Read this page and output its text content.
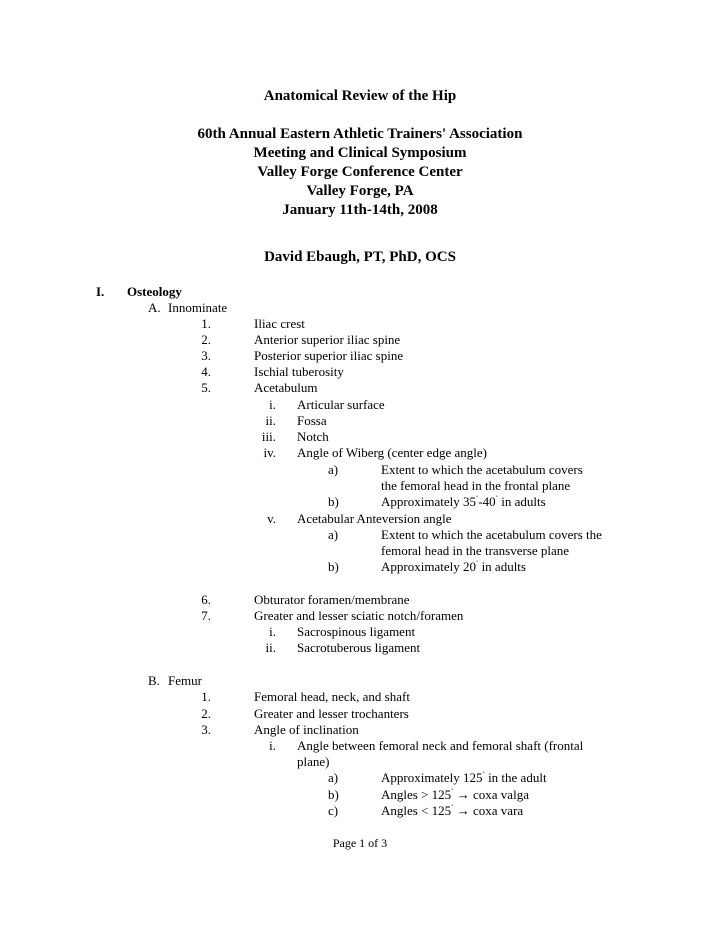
Anatomical Review of the Hip
60th Annual Eastern Athletic Trainers' Association
Meeting and Clinical Symposium
Valley Forge Conference Center
Valley Forge, PA
January 11th-14th, 2008
David Ebaugh, PT, PhD, OCS
I. Osteology
A. Innominate
1.	Iliac crest
2.	Anterior superior iliac spine
3.	Posterior superior iliac spine
4.	Ischial tuberosity
5.	Acetabulum
i. Articular surface
ii. Fossa
iii. Notch
iv. Angle of Wiberg (center edge angle)
a)	Extent to which the acetabulum covers
the femoral head in the frontal plane
b)	Approximately 35˚-40˚ in adults
v. Acetabular Anteversion angle
a)	Extent to which the acetabulum covers the
femoral head in the transverse plane
b)	Approximately 20˚ in adults
6.	Obturator foramen/membrane
7.	Greater and lesser sciatic notch/foramen
i. Sacrospinous ligament
ii. Sacrotuberous ligament
B. Femur
1.	Femoral head, neck, and shaft
2.	Greater and lesser trochanters
3.	Angle of inclination
i. Angle between femoral neck and femoral shaft (frontal
plane)
a)	Approximately 125˚ in the adult
b)	Angles > 125˚ → coxa valga
c)	Angles < 125˚ → coxa vara
Page 1 of 3
